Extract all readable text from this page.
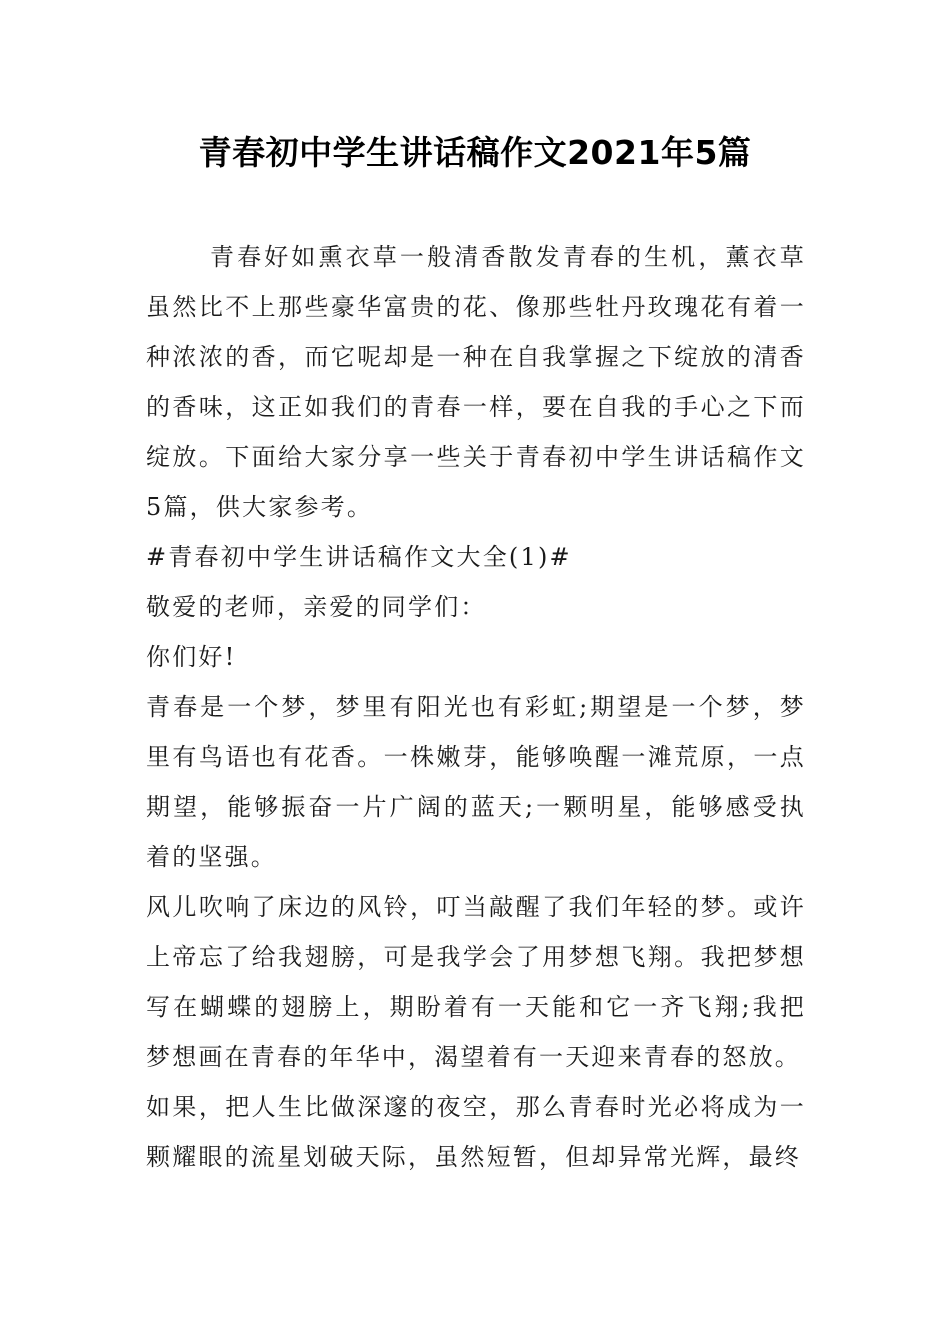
青春初中学生讲话稿作文2021年5篇

青春好如熏衣草一般清香散发青春的生机，薰衣草虽然比不上那些豪华富贵的花、像那些牡丹玫瑰花有着一种浓浓的香，而它呢却是一种在自我掌握之下绽放的清香的香味，这正如我们的青春一样，要在自我的手心之下而绽放。下面给大家分享一些关于青春初中学生讲话稿作文5篇，供大家参考。

#青春初中学生讲话稿作文大全(1)#

敬爱的老师，亲爱的同学们：

你们好!

青春是一个梦，梦里有阳光也有彩虹;期望是一个梦，梦里有鸟语也有花香。一株嫩芽，能够唤醒一滩荒原，一点期望，能够振奋一片广阔的蓝天;一颗明星，能够感受执着的坚强。

风儿吹响了床边的风铃，叮当敲醒了我们年轻的梦。或许上帝忘了给我翅膀，可是我学会了用梦想飞翔。我把梦想写在蝴蝶的翅膀上，期盼着有一天能和它一齐飞翔;我把梦想画在青春的年华中，渴望着有一天迎来青春的怒放。

如果，把人生比做深邃的夜空，那么青春时光必将成为一颗耀眼的流星划破天际，虽然短暂，但却异常光辉，最终
